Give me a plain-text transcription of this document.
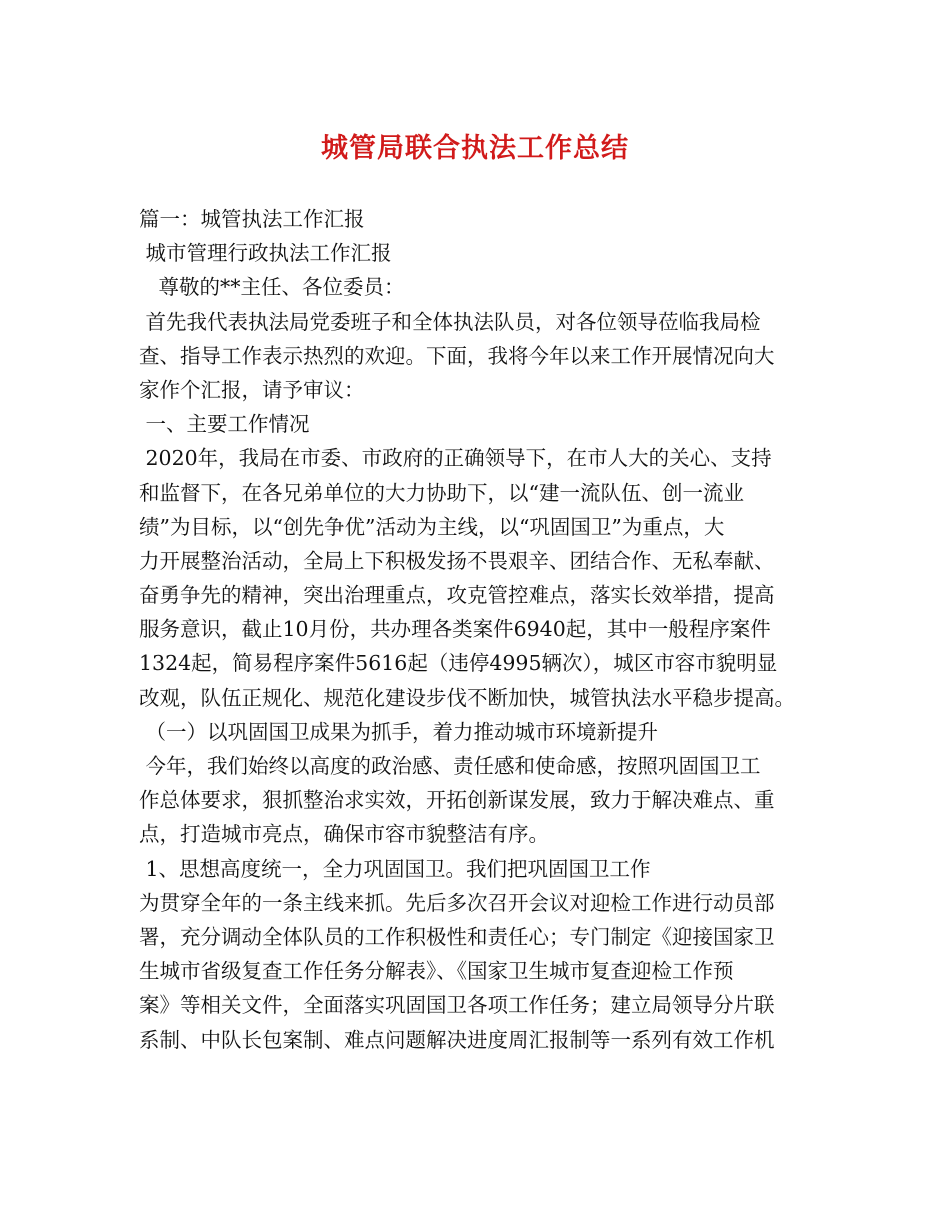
城管局联合执法工作总结
篇一：城管执法工作汇报
城市管理行政执法工作汇报
尊敬的**主任、各位委员：
首先我代表执法局党委班子和全体执法队员，对各位领导莅临我局检
查、指导工作表示热烈的欢迎。下面，我将今年以来工作开展情况向大
家作个汇报，请予审议：
一、主要工作情况
2020年，我局在市委、市政府的正确领导下，在市人大的关心、支持
和监督下，在各兄弟单位的大力协助下，以“建一流队伍、创一流业
绩”为目标，以“创先争优”活动为主线，以“巩固国卫”为重点，大
力开展整治活动，全局上下积极发扬不畏艰辛、团结合作、无私奉献、
奋勇争先的精神，突出治理重点，攻克管控难点，落实长效举措，提高
服务意识，截止10月份，共办理各类案件6940起，其中一般程序案件
1324起，简易程序案件5616起（违停4995辆次），城区市容市貌明显
改观，队伍正规化、规范化建设步伐不断加快，城管执法水平稳步提高。
（一）以巩固国卫成果为抓手，着力推动城市环境新提升
今年，我们始终以高度的政治感、责任感和使命感，按照巩固国卫工
作总体要求，狠抓整治求实效，开拓创新谋发展，致力于解决难点、重
点，打造城市亮点，确保市容市貌整洁有序。
1、思想高度统一，全力巩固国卫。我们把巩固国卫工作
为贯穿全年的一条主线来抓。先后多次召开会议对迎检工作进行动员部
署，充分调动全体队员的工作积极性和责任心；专门制定《迎接国家卫
生城市省级复查工作任务分解表》、《国家卫生城市复查迎检工作预
案》等相关文件，全面落实巩固国卫各项工作任务；建立局领导分片联
系制、中队长包案制、难点问题解决进度周汇报制等一系列有效工作机
